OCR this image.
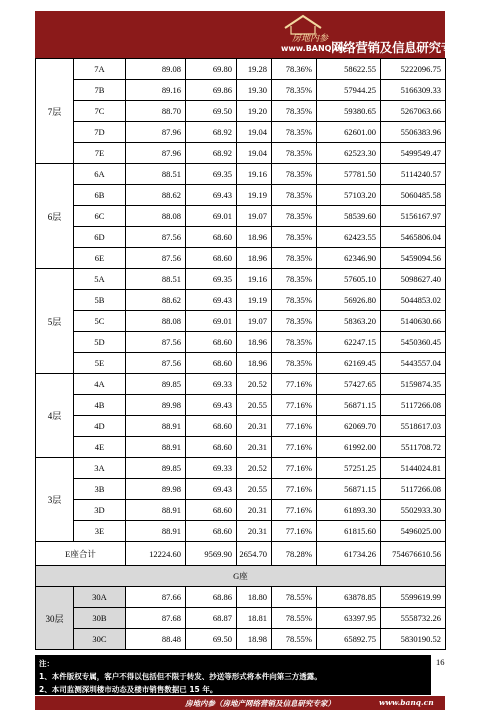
房地内参
www.BANQ.cn
网络营销及信息研究专家
7层	7A	89.08	69.80	19.28	78.36%	58622.55	5222096.75
	7B	89.16	69.86	19.30	78.35%	57944.25	5166309.33
	7C	88.70	69.50	19.20	78.35%	59380.65	5267063.66
	7D	87.96	68.92	19.04	78.35%	62601.00	5506383.96
	7E	87.96	68.92	19.04	78.35%	62523.30	5499549.47
6层	6A	88.51	69.35	19.16	78.35%	57781.50	5114240.57
	6B	88.62	69.43	19.19	78.35%	57103.20	5060485.58
	6C	88.08	69.01	19.07	78.35%	58539.60	5156167.97
	6D	87.56	68.60	18.96	78.35%	62423.55	5465806.04
	6E	87.56	68.60	18.96	78.35%	62346.90	5459094.56
5层	5A	88.51	69.35	19.16	78.35%	57605.10	5098627.40
	5B	88.62	69.43	19.19	78.35%	56926.80	5044853.02
	5C	88.08	69.01	19.07	78.35%	58363.20	5140630.66
	5D	87.56	68.60	18.96	78.35%	62247.15	5450360.45
	5E	87.56	68.60	18.96	78.35%	62169.45	5443557.04
4层	4A	89.85	69.33	20.52	77.16%	57427.65	5159874.35
	4B	89.98	69.43	20.55	77.16%	56871.15	5117266.08
	4D	88.91	68.60	20.31	77.16%	62069.70	5518617.03
	4E	88.91	68.60	20.31	77.16%	61992.00	5511708.72
3层	3A	89.85	69.33	20.52	77.16%	57251.25	5144024.81
	3B	89.98	69.43	20.55	77.16%	56871.15	5117266.08
	3D	88.91	68.60	20.31	77.16%	61893.30	5502933.30
	3E	88.91	68.60	20.31	77.16%	61815.60	5496025.00
E座合计		12224.60	9569.90	2654.70	78.28%	61734.26	754676610.56
G座							
30层	30A	87.66	68.86	18.80	78.55%	63878.85	5599619.99
	30B	87.68	68.87	18.81	78.55%	63397.95	5558732.26
	30C	88.48	69.50	18.98	78.55%	65892.75	5830190.52
注：
1、本件版权专属，客户不得以包括但不限于转发、抄送等形式将本件向第三方透露。
2、本司监测深圳楼市动态及楼市销售数据已 15 年。
16
房地内参（房地产网络营销及信息研究专家）	www.banq.cn
